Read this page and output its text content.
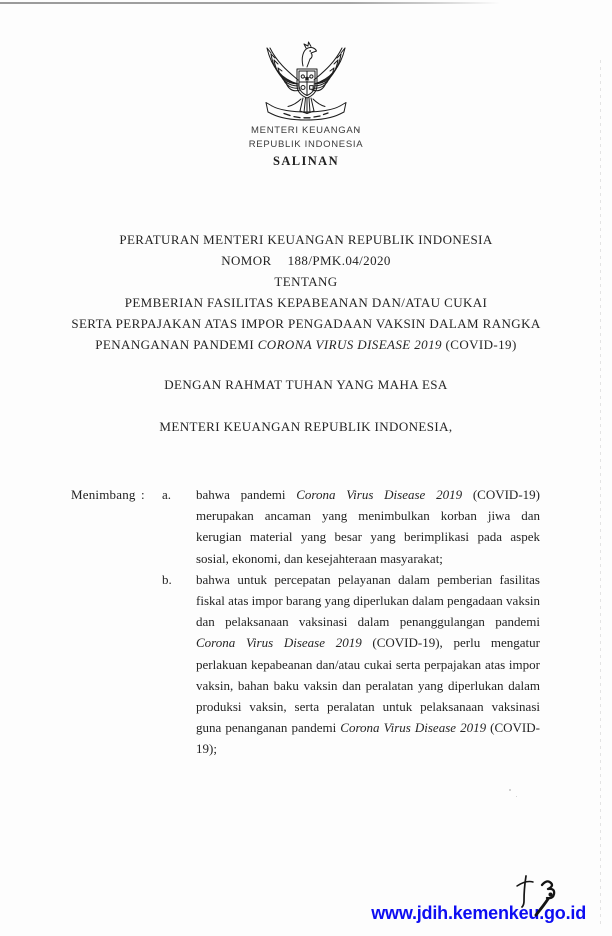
MENTERI KEUANGAN
REPUBLIK INDONESIA
SALINAN
PERATURAN MENTERI KEUANGAN REPUBLIK INDONESIA
NOMOR 188/PMK.04/2020
TENTANG
PEMBERIAN FASILITAS KEPABEANAN DAN/ATAU CUKAI
SERTA PERPAJAKAN ATAS IMPOR PENGADAAN VAKSIN DALAM RANGKA
PENANGANAN PANDEMI CORONA VIRUS DISEASE 2019 (COVID-19)
DENGAN RAHMAT TUHAN YANG MAHA ESA
MENTERI KEUANGAN REPUBLIK INDONESIA,
Menimbang : a. bahwa pandemi Corona Virus Disease 2019 (COVID-19) merupakan ancaman yang menimbulkan korban jiwa dan kerugian material yang besar yang berimplikasi pada aspek sosial, ekonomi, dan kesejahteraan masyarakat;

b. bahwa untuk percepatan pelayanan dalam pemberian fasilitas fiskal atas impor barang yang diperlukan dalam pengadaan vaksin dan pelaksanaan vaksinasi dalam penanggulangan pandemi Corona Virus Disease 2019 (COVID-19), perlu mengatur perlakuan kepabeanan dan/atau cukai serta perpajakan atas impor vaksin, bahan baku vaksin dan peralatan yang diperlukan dalam produksi vaksin, serta peralatan untuk pelaksanaan vaksinasi guna penanganan pandemi Corona Virus Disease 2019 (COVID-19);

www.jdih.kemenkeu.go.id
